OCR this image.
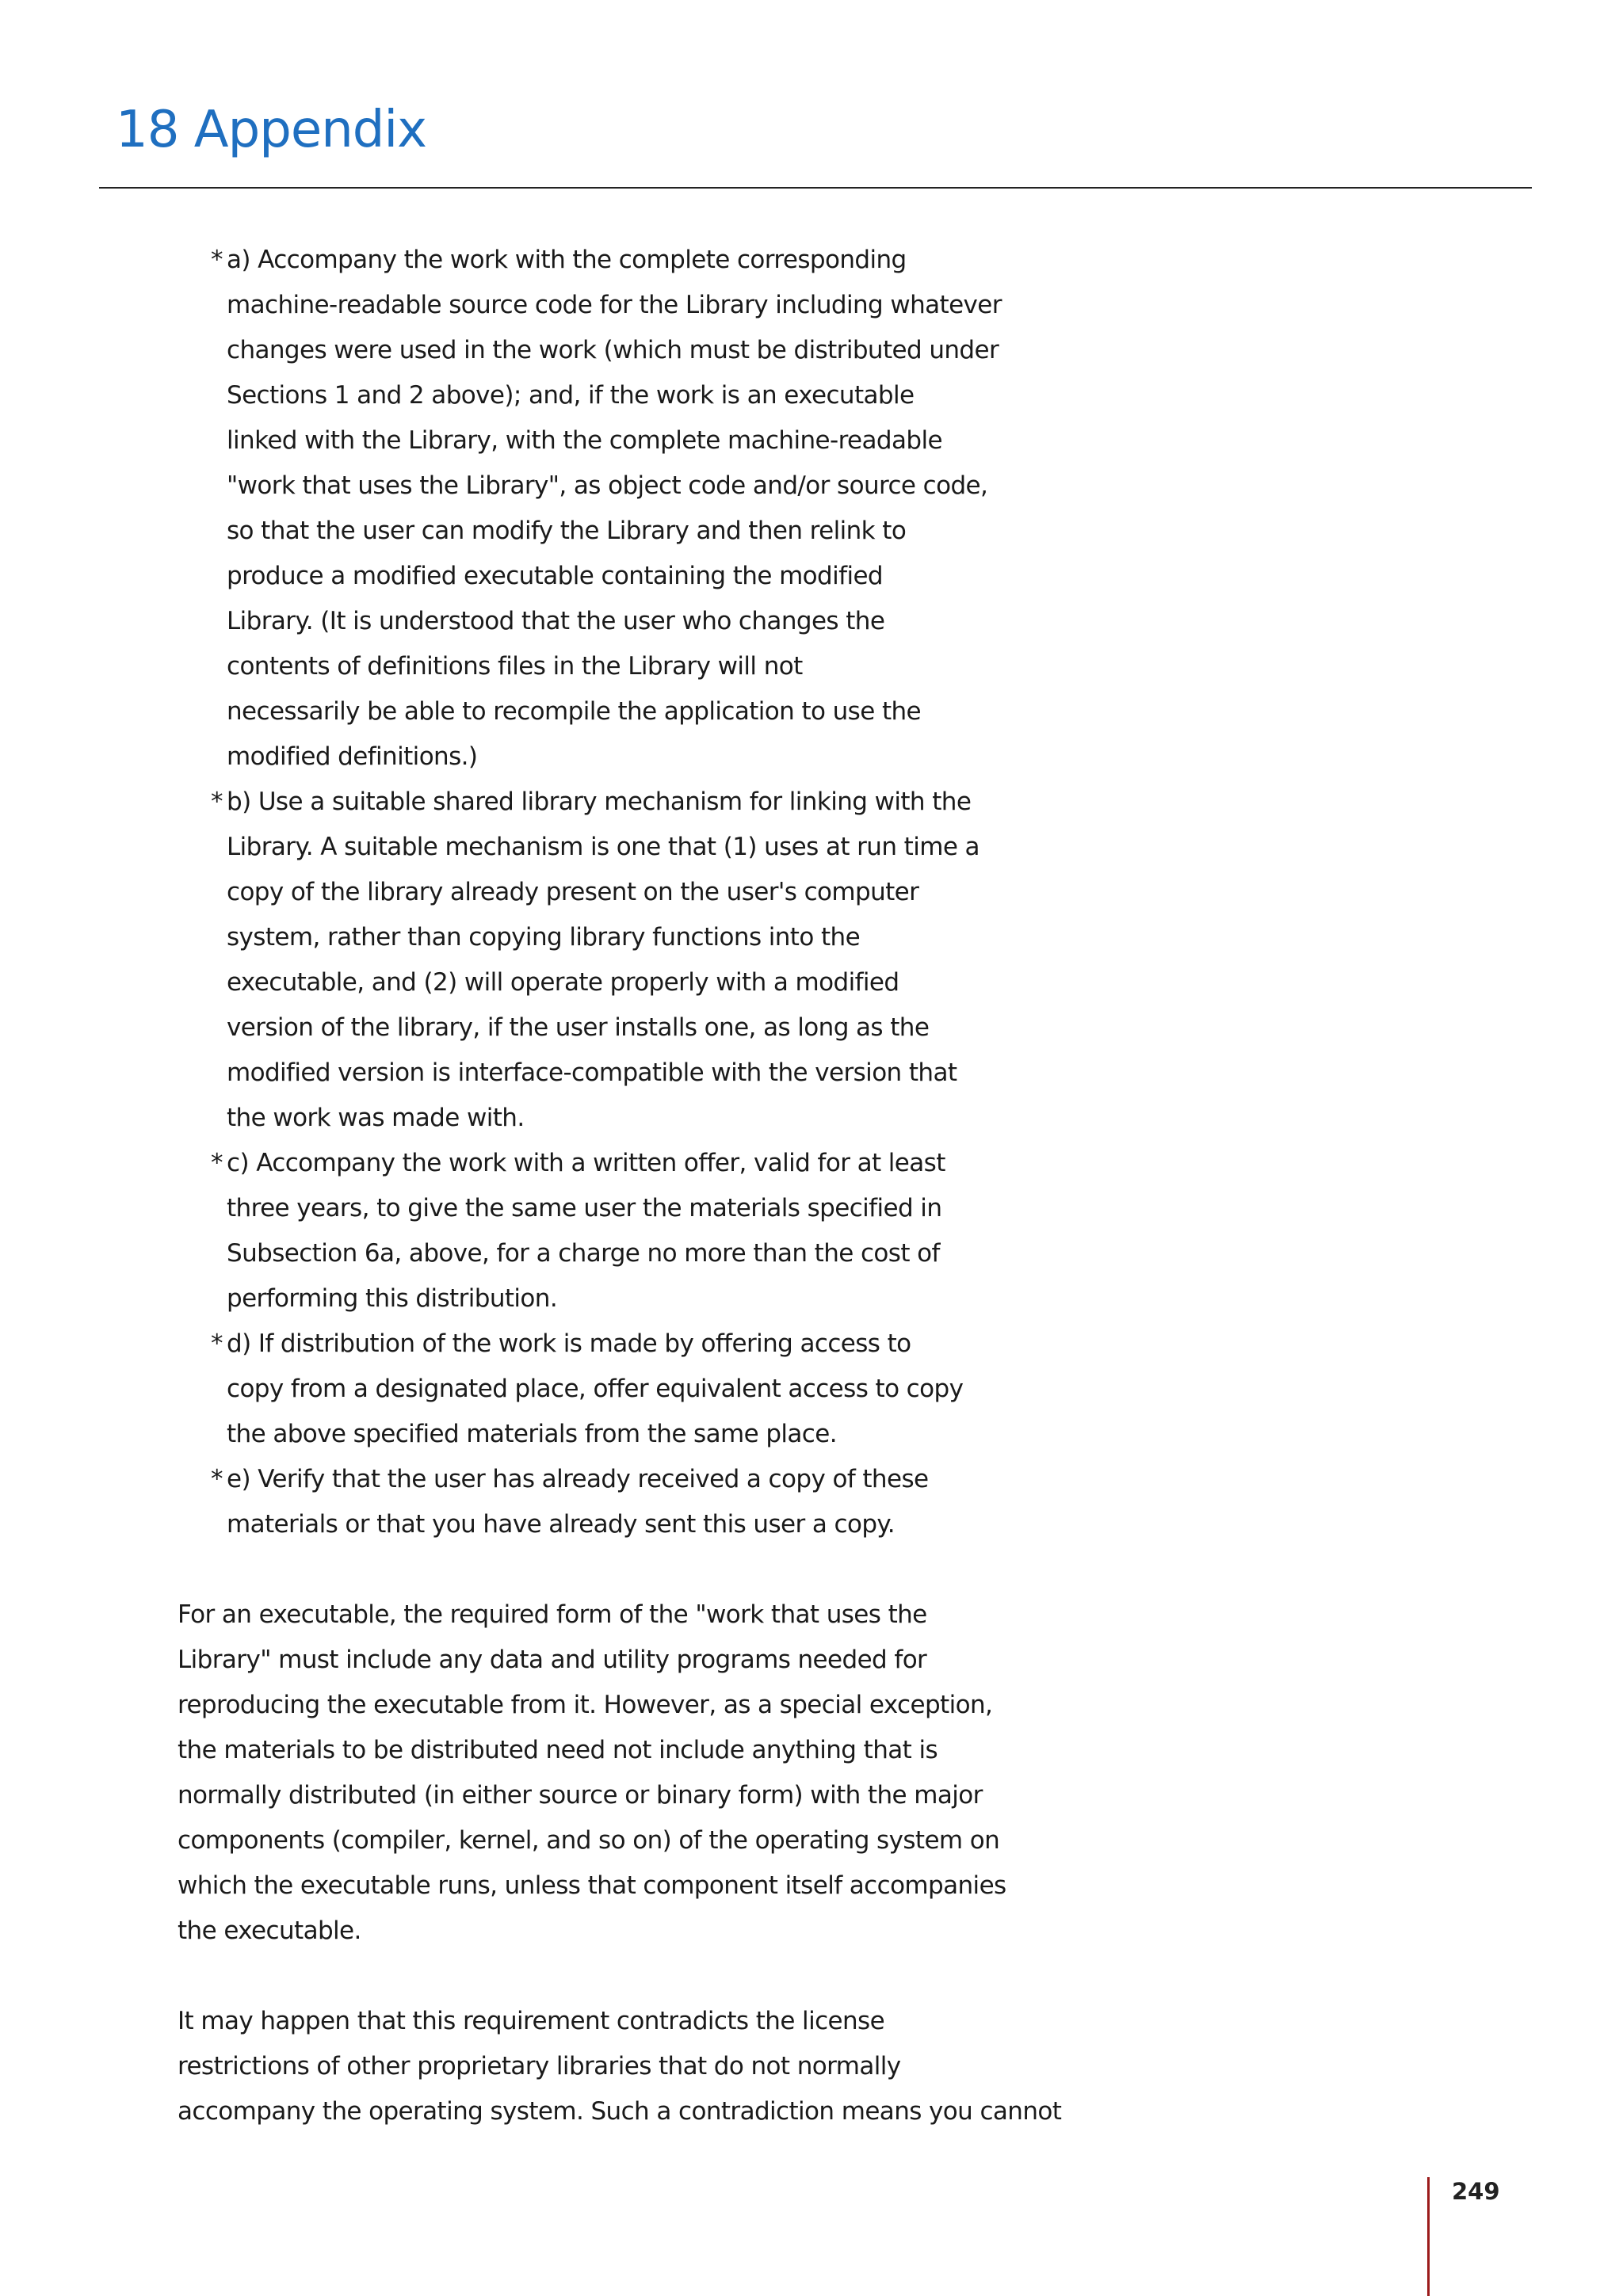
18 Appendix
* a) Accompany the work with the complete corresponding
machine-readable source code for the Library including whatever
changes were used in the work (which must be distributed under
Sections 1 and 2 above); and, if the work is an executable
linked with the Library, with the complete machine-readable
"work that uses the Library", as object code and/or source code,
so that the user can modify the Library and then relink to
produce a modified executable containing the modified
Library. (It is understood that the user who changes the
contents of definitions files in the Library will not
necessarily be able to recompile the application to use the
modified definitions.)
* b) Use a suitable shared library mechanism for linking with the
Library. A suitable mechanism is one that (1) uses at run time a
copy of the library already present on the user's computer
system, rather than copying library functions into the
executable, and (2) will operate properly with a modified
version of the library, if the user installs one, as long as the
modified version is interface-compatible with the version that
the work was made with.
* c) Accompany the work with a written offer, valid for at least
three years, to give the same user the materials specified in
Subsection 6a, above, for a charge no more than the cost of
performing this distribution.
* d) If distribution of the work is made by offering access to
copy from a designated place, offer equivalent access to copy
the above specified materials from the same place.
* e) Verify that the user has already received a copy of these
materials or that you have already sent this user a copy.

For an executable, the required form of the "work that uses the
Library" must include any data and utility programs needed for
reproducing the executable from it. However, as a special exception,
the materials to be distributed need not include anything that is
normally distributed (in either source or binary form) with the major
components (compiler, kernel, and so on) of the operating system on
which the executable runs, unless that component itself accompanies
the executable.

It may happen that this requirement contradicts the license
restrictions of other proprietary libraries that do not normally
accompany the operating system. Such a contradiction means you cannot

249
